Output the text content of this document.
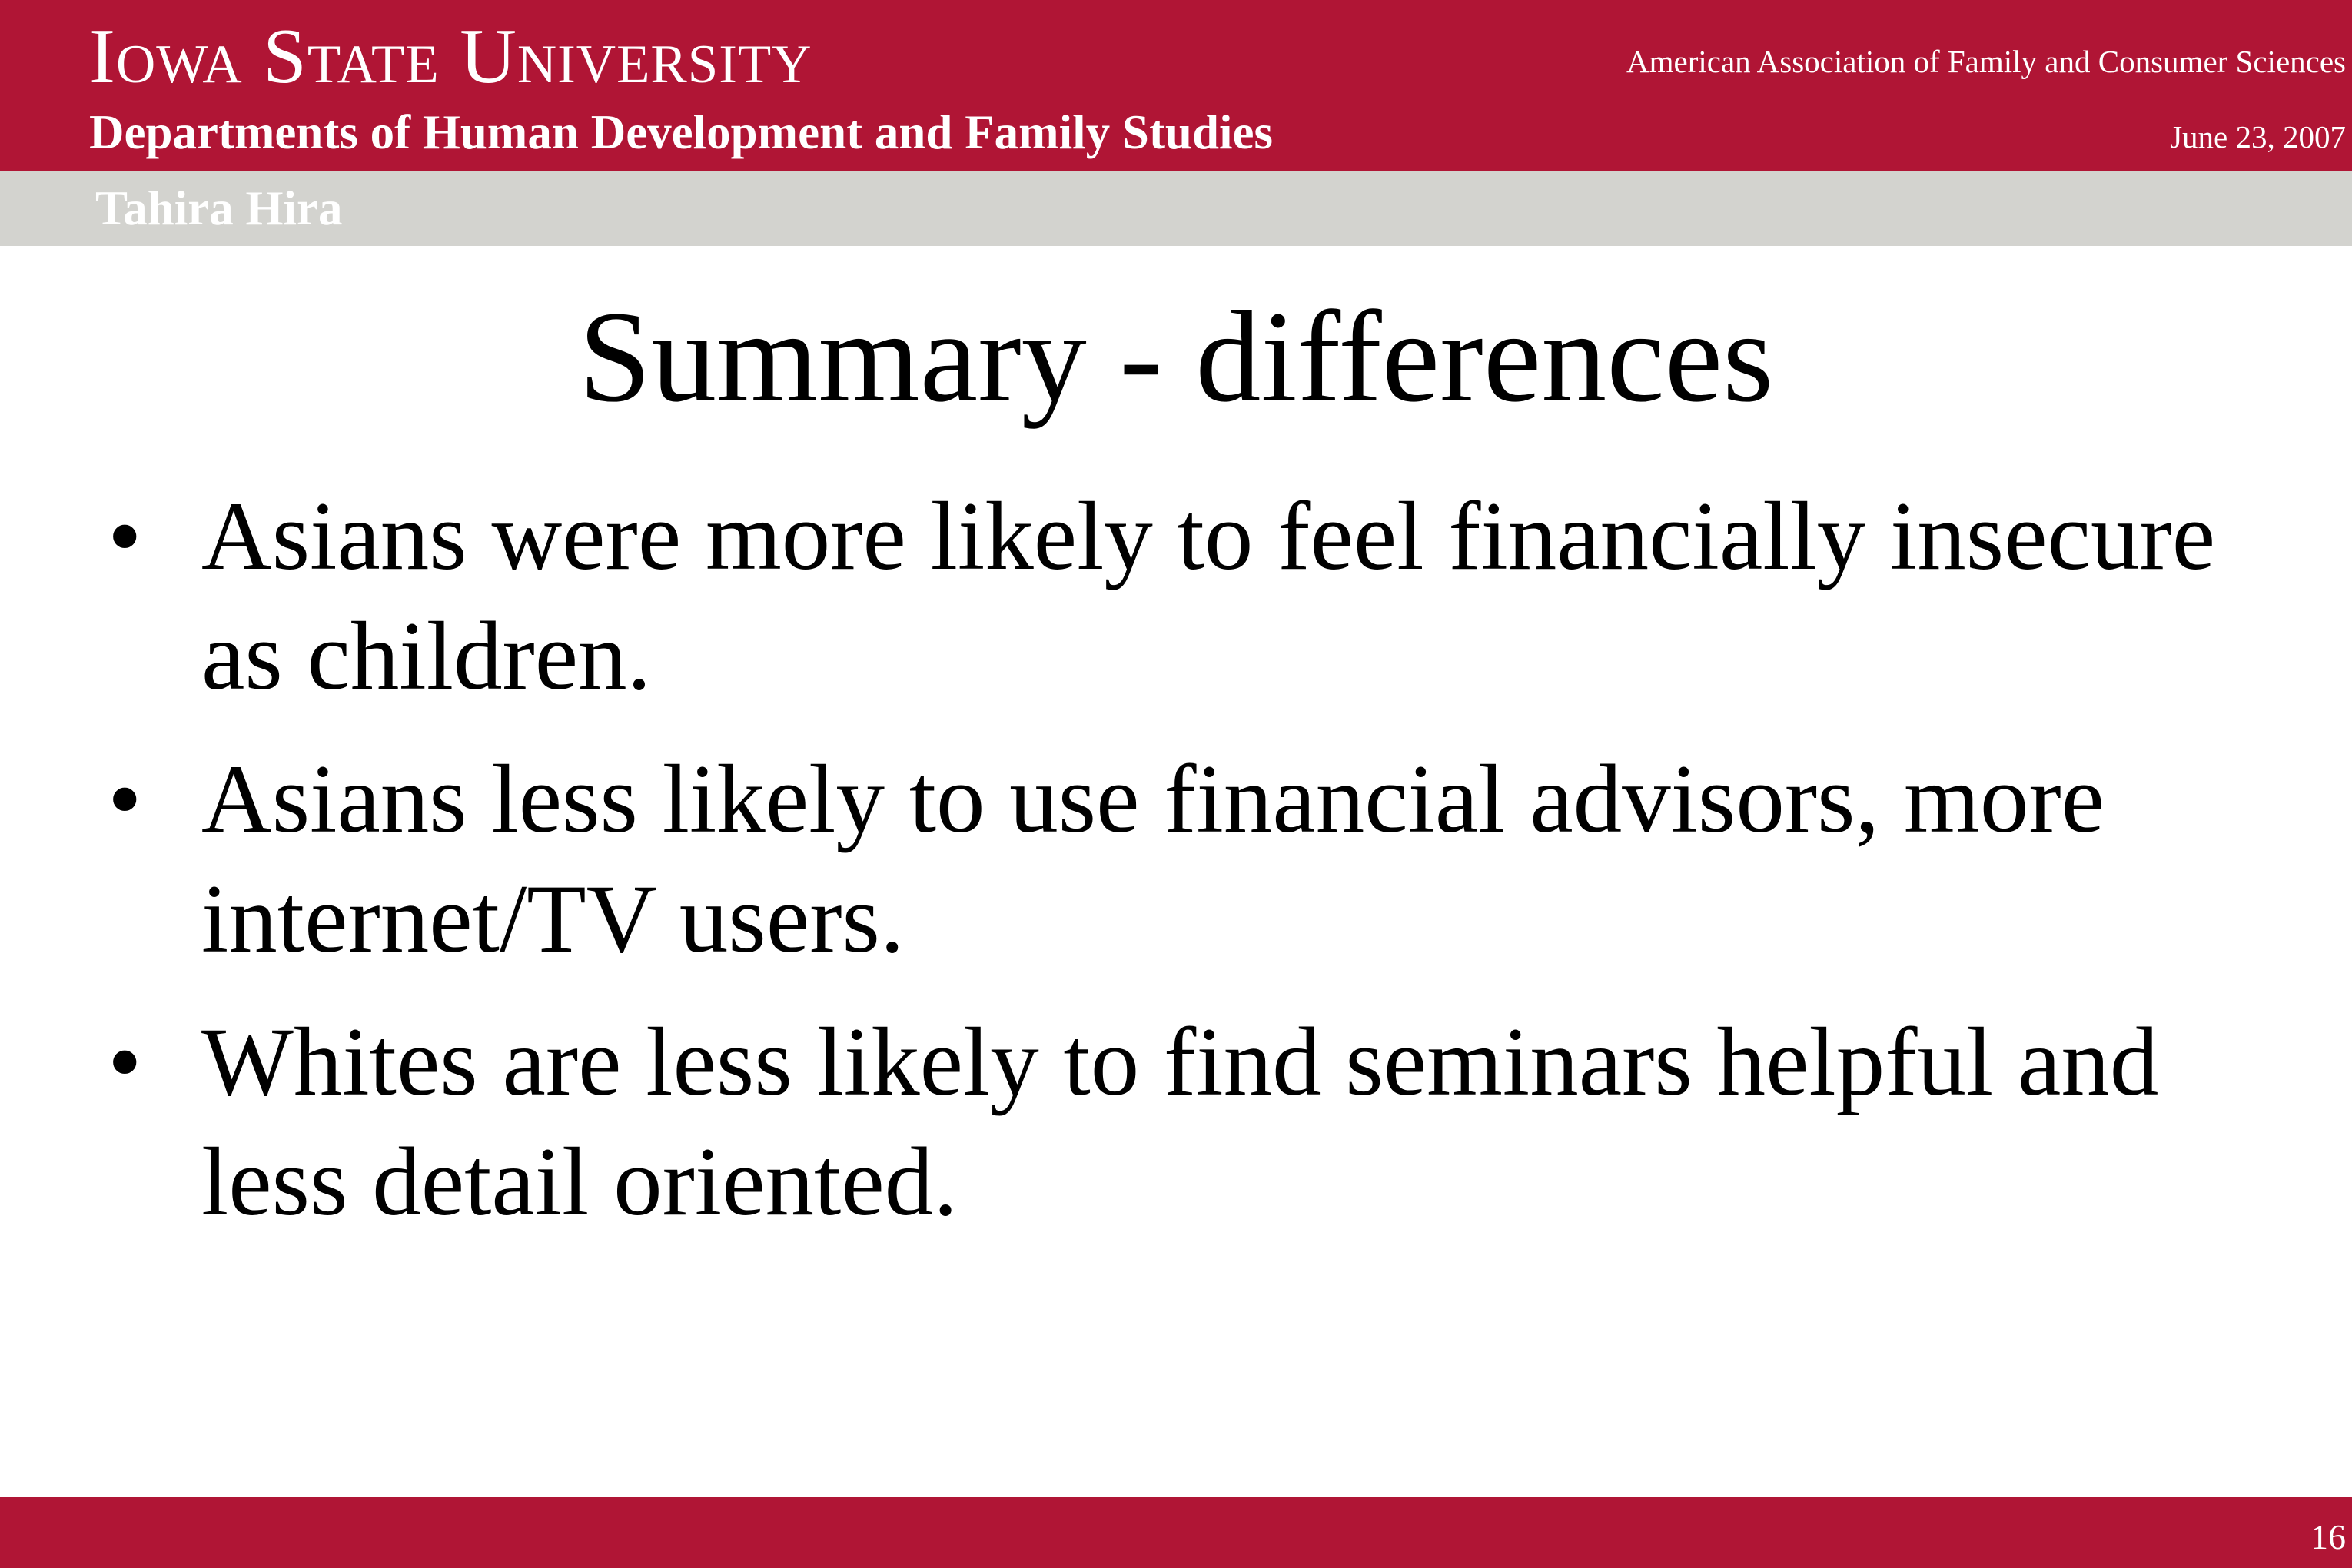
Iowa State University
Departments of Human Development and Family Studies
American Association of Family and Consumer Sciences
June 23, 2007
Tahira Hira
Summary - differences
• Asians were more likely to feel financially insecure as children.
• Asians less likely to use financial advisors, more internet/TV users.
• Whites are less likely to find seminars helpful and less detail oriented.
16
